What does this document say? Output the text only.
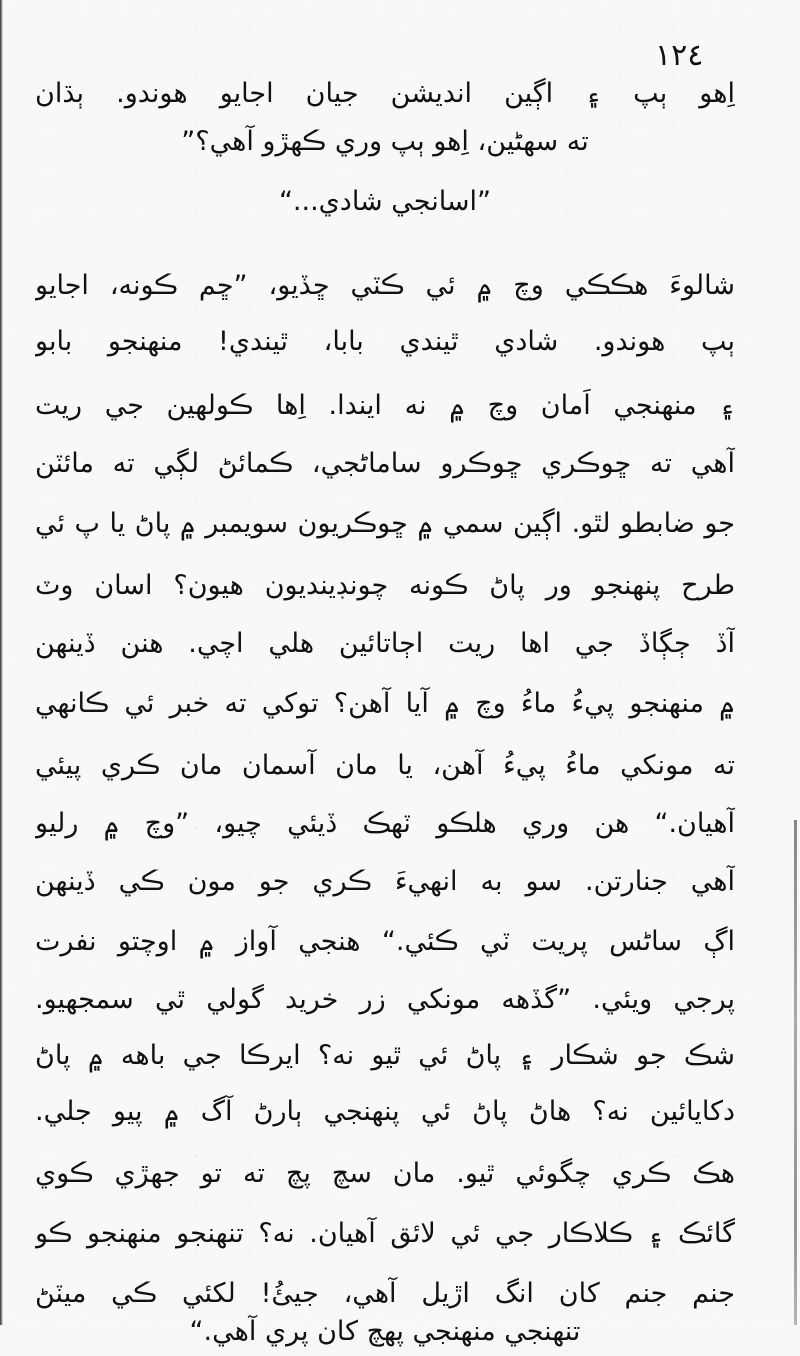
١٢٤
اِهو ٻپ ۽ اڳين انديشن جيان اجايو هوندو. ٻڌان
ته سهڻين، اِهو ٻپ وري ڪهڙو آهي؟”
”اسانجي شادي...“
شالوءَ هڪڪي وچ ۾ ئي ڪٽي ڇڏيو، ”ڇم ڪونه، اجايو
ٻپ هوندو. شادي ٿيندي بابا، ٿيندي! منهنجو بابو
۽ منهنجي اَمان وچ ۾ نه ايندا. اِها ڪولهين جي ريت
آهي ته ڇوڪري ڇوڪرو ساماڻجي، ڪمائڻ لڳي ته مائٽن
جو ضابطو لٿو. اڳين سمي ۾ ڇوڪريون سويمبر ۾ پاڻ يا پ ئي
طرح پنهنجو ور پاڻ ڪونه چونڊينديون هيون؟ اسان وٽ
آڏ ڄڳاڏ جي اها ريت اڄاتائين هلي اچي. هنن ڏينهن
۾ منهنجو پيءُ ماءُ وچ ۾ آيا آهن؟ توکي ته خبر ئي ڪانهي
ته مونکي ماءُ پيءُ آهن، يا مان آسمان مان ڪري پيئي
آهيان.“ هن وري هلڪو ٽهڪ ڏيئي چيو، ”وچ ۾ رليو
آهي جنارتن. سو به انهيءَ ڪري جو مون ڪي ڏينهن
اڳ ساڻس پريت ٽي ڪئي.“ هنجي آواز ۾ اوچتو نفرت
پرجي ويئي. ”گڏهه مونکي زر خريد گولي ٿي سمجهيو.
شڪ جو شڪار ۽ پاڻ ئي ٿيو نه؟ ايرڪا جي باهه ۾ پاڻ
دکايائين نه؟ هاڻ پاڻ ئي پنهنجي ٻارڻ آگ ۾ پيو جلي.
هڪ ڪري چگوئي ٿيو. مان سچ پچ ته تو جهڙي ڪوي
گائڪ ۽ ڪلاڪار جي ئي لائق آهيان. نه؟ تنهنجو منهنجو ڪو
جنم جنم کان انگ اڙيل آهي، جيئُ! لکئي ڪي ميٽڻ
تنهنجي منهنجي پهچ کان پري آهي.“
